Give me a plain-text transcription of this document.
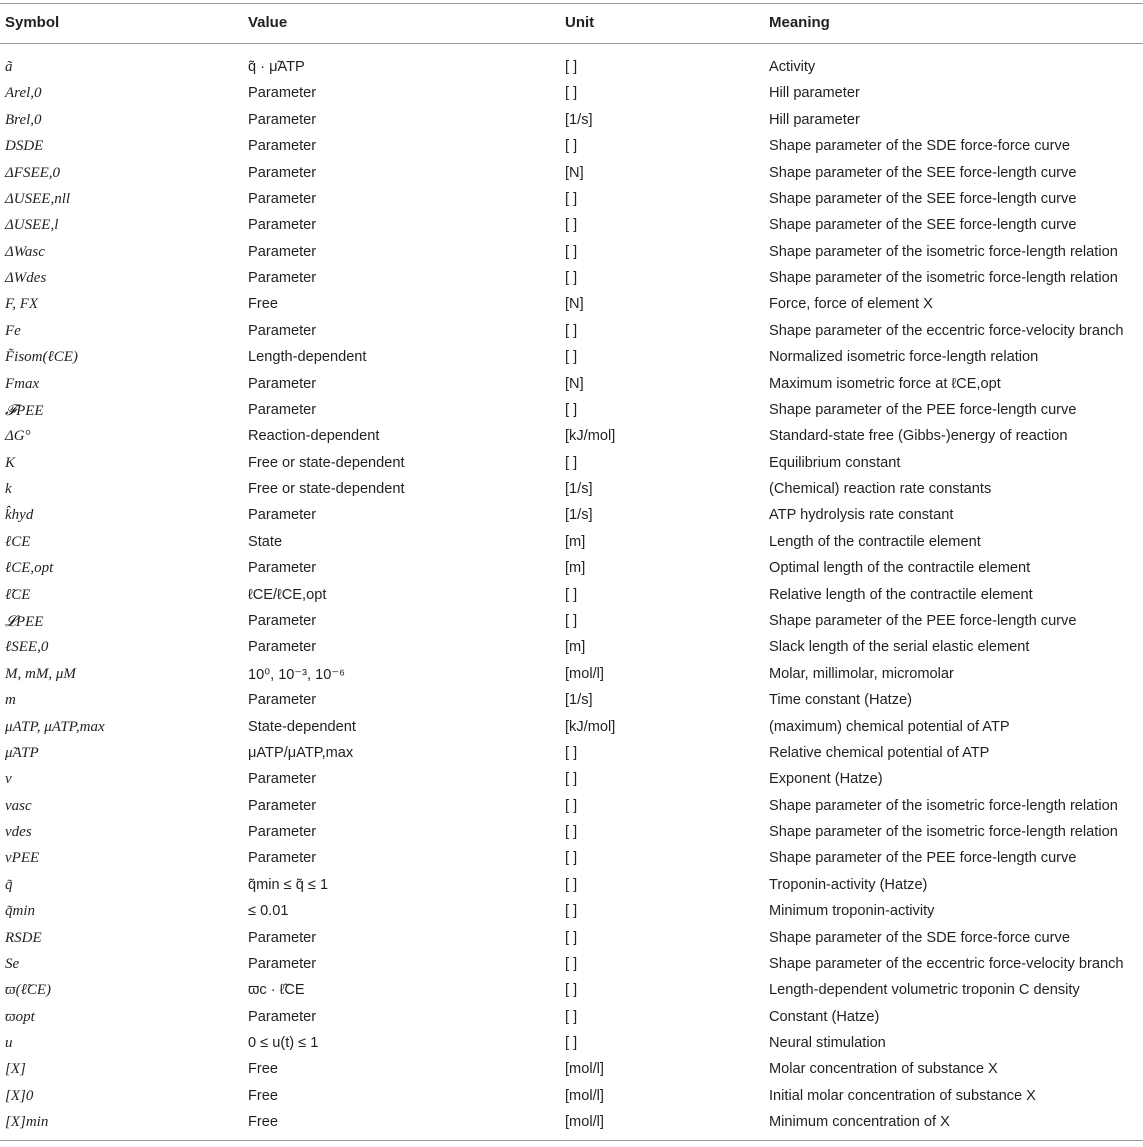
Symbol	Value	Unit	Meaning
ã	q̃ · μ̃ATP	[ ]	Activity
Arel,0	Parameter	[ ]	Hill parameter
Brel,0	Parameter	[1/s]	Hill parameter
DSDE	Parameter	[ ]	Shape parameter of the SDE force-force curve
ΔFSEE,0	Parameter	[N]	Shape parameter of the SEE force-length curve
ΔUSEE,nll	Parameter	[ ]	Shape parameter of the SEE force-length curve
ΔUSEE,l	Parameter	[ ]	Shape parameter of the SEE force-length curve
ΔWasc	Parameter	[ ]	Shape parameter of the isometric force-length relation
ΔWdes	Parameter	[ ]	Shape parameter of the isometric force-length relation
F, FX	Free	[N]	Force, force of element X
Fe	Parameter	[ ]	Shape parameter of the eccentric force-velocity branch
F̃isom(ℓCE)	Length-dependent	[ ]	Normalized isometric force-length relation
Fmax	Parameter	[N]	Maximum isometric force at ℓCE,opt
𝓕PEE	Parameter	[ ]	Shape parameter of the PEE force-length curve
ΔG°	Reaction-dependent	[kJ/mol]	Standard-state free (Gibbs-)energy of reaction
K	Free or state-dependent	[ ]	Equilibrium constant
k	Free or state-dependent	[1/s]	(Chemical) reaction rate constants
k̂hyd	Parameter	[1/s]	ATP hydrolysis rate constant
ℓCE	State	[m]	Length of the contractile element
ℓCE,opt	Parameter	[m]	Optimal length of the contractile element
ℓ̃CE	ℓCE/ℓCE,opt	[ ]	Relative length of the contractile element
𝓛PEE	Parameter	[ ]	Shape parameter of the PEE force-length curve
ℓSEE,0	Parameter	[m]	Slack length of the serial elastic element
M, mM, μM	10⁰, 10⁻³, 10⁻⁶	[mol/l]	Molar, millimolar, micromolar
m	Parameter	[1/s]	Time constant (Hatze)
μATP, μATP,max	State-dependent	[kJ/mol]	(maximum) chemical potential of ATP
μ̃ATP	μATP/μATP,max	[ ]	Relative chemical potential of ATP
ν	Parameter	[ ]	Exponent (Hatze)
νasc	Parameter	[ ]	Shape parameter of the isometric force-length relation
νdes	Parameter	[ ]	Shape parameter of the isometric force-length relation
νPEE	Parameter	[ ]	Shape parameter of the PEE force-length curve
q̃	q̃min ≤ q̃ ≤ 1	[ ]	Troponin-activity (Hatze)
q̃min	≤ 0.01	[ ]	Minimum troponin-activity
RSDE	Parameter	[ ]	Shape parameter of the SDE force-force curve
Se	Parameter	[ ]	Shape parameter of the eccentric force-velocity branch
ϖ(ℓ̃CE)	ϖc · ℓ̃CE	[ ]	Length-dependent volumetric troponin C density
ϖopt	Parameter	[ ]	Constant (Hatze)
u	0 ≤ u(t) ≤ 1	[ ]	Neural stimulation
[X]	Free	[mol/l]	Molar concentration of substance X
[X]0	Free	[mol/l]	Initial molar concentration of substance X
[X]min	Free	[mol/l]	Minimum concentration of X
